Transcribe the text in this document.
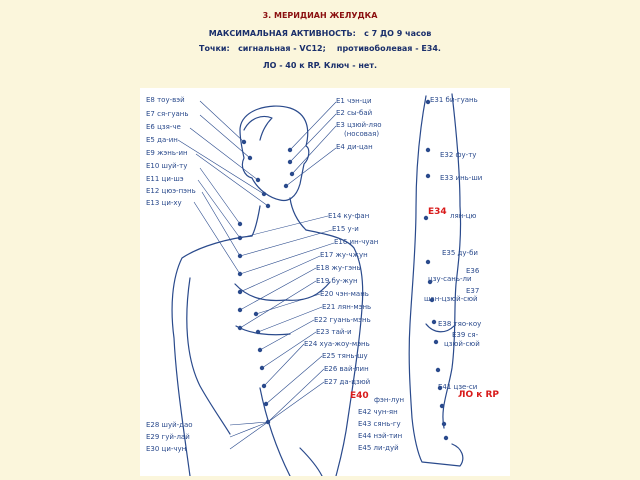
3. МЕРИДИАН ЖЕЛУДКА
МАКСИМАЛЬНАЯ АКТИВНОСТЬ:   с 7 ДО 9 часов
Точки:   сигнальная - VC12;    противоболевая - E34.
ЛО - 40 к RP. Ключ - нет.
E8 тоу-вэй
E7 ся-гуань
E6 цзя-че
E5 да-ин
E9 жэнь-ин
E10 шуй-ту
E11 ци-шэ
E12 цюэ-пэнь
E13 ци-ху
E1 чэн-ци
E2 сы-бай
E3 цзюй-ляо
(носовая)
E4 ди-цан
E14 ку-фан
E15 у-и
E16 ин-чуан
E17 жу-чжун
E18 жу-гэнь
E19 бу-жун
E20 чэн-мань
E21 лян-мэнь
E22 гуань-мэнь
E23 тай-и
E24 хуа-жоу-мэнь
E25 тянь-шу
E26 вай-лин
E27 да-цзюй
E28 шуй-дао
E29 гуй-лай
E30 ци-чун
E31 би-гуань
E32 фу-ту
E33 инь-ши
E34 лян-цю
E35 ду-би
E36
цзу-сань-ли
E37
шан-цзюй-сюй
E38 тяо-коу
E39 ся-
цзюй-сюй
E41 цзе-си
E40 фэн-лун	ЛО к RP
E42 чун-ян
E43 сянь-гу
E44 нэй-тин
E45 ли-дуй
